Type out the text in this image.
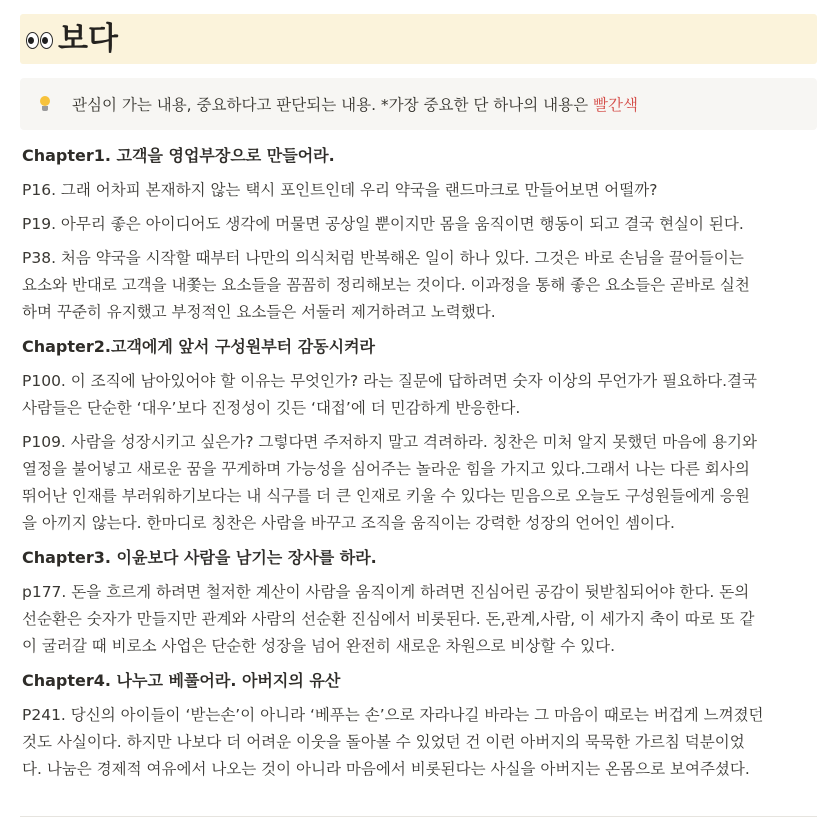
보다
관심이 가는 내용, 중요하다고 판단되는 내용. *가장 중요한 단 하나의 내용은 빨간색
Chapter1. 고객을 영업부장으로 만들어라.

P16. 그래 어차피 본재하지 않는 택시 포인트인데 우리 약국을 랜드마크로 만들어보면 어떨까?

P19. 아무리 좋은 아이디어도 생각에 머물면 공상일 뿐이지만 몸을 움직이면 행동이 되고 결국 현실이 된다.

P38. 처음 약국을 시작할 때부터 나만의 의식처럼 반복해온 일이 하나 있다. 그것은 바로 손님을 끌어들이는
요소와 반대로 고객을 내쫓는 요소들을 꼼꼼히 정리해보는 것이다. 이과정을 통해 좋은 요소들은 곧바로 실천
하며 꾸준히 유지했고 부정적인 요소들은 서둘러 제거하려고 노력했다.

Chapter2.고객에게 앞서 구성원부터 감동시켜라

P100. 이 조직에 남아있어야 할 이유는 무엇인가? 라는 질문에 답하려면 숫자 이상의 무언가가 필요하다.결국
사람들은 단순한 ‘대우’보다 진정성이 깃든 ‘대접’에 더 민감하게 반응한다.

P109. 사람을 성장시키고 싶은가? 그렇다면 주저하지 말고 격려하라. 칭찬은 미처 알지 못했던 마음에 용기와
열정을 불어넣고 새로운 꿈을 꾸게하며 가능성을 심어주는 놀라운 힘을 가지고 있다.그래서 나는 다른 회사의
뛰어난 인재를 부러워하기보다는 내 식구를 더 큰 인재로 키울 수 있다는 믿음으로 오늘도 구성원들에게 응원
을 아끼지 않는다. 한마디로 칭찬은 사람을 바꾸고 조직을 움직이는 강력한 성장의 언어인 셈이다.

Chapter3. 이윤보다 사람을 남기는 장사를 하라.

p177. 돈을 흐르게 하려면 철저한 계산이 사람을 움직이게 하려면 진심어린 공감이 뒷받침되어야 한다. 돈의
선순환은 숫자가 만들지만 관계와 사람의 선순환 진심에서 비롯된다. 돈,관계,사람, 이 세가지 축이 따로 또 같
이 굴러갈 때 비로소 사업은 단순한 성장을 넘어 완전히 새로운 차원으로 비상할 수 있다.

Chapter4. 나누고 베풀어라. 아버지의 유산

P241. 당신의 아이들이 ‘받는손’이 아니라 ‘베푸는 손’으로 자라나길 바라는 그 마음이 때로는 버겁게 느껴졌던
것도 사실이다. 하지만 나보다 더 어려운 이웃을 돌아볼 수 있었던 건 이런 아버지의 묵묵한 가르침 덕분이었
다. 나눔은 경제적 여유에서 나오는 것이 아니라 마음에서 비롯된다는 사실을 아버지는 온몸으로 보여주셨다.
